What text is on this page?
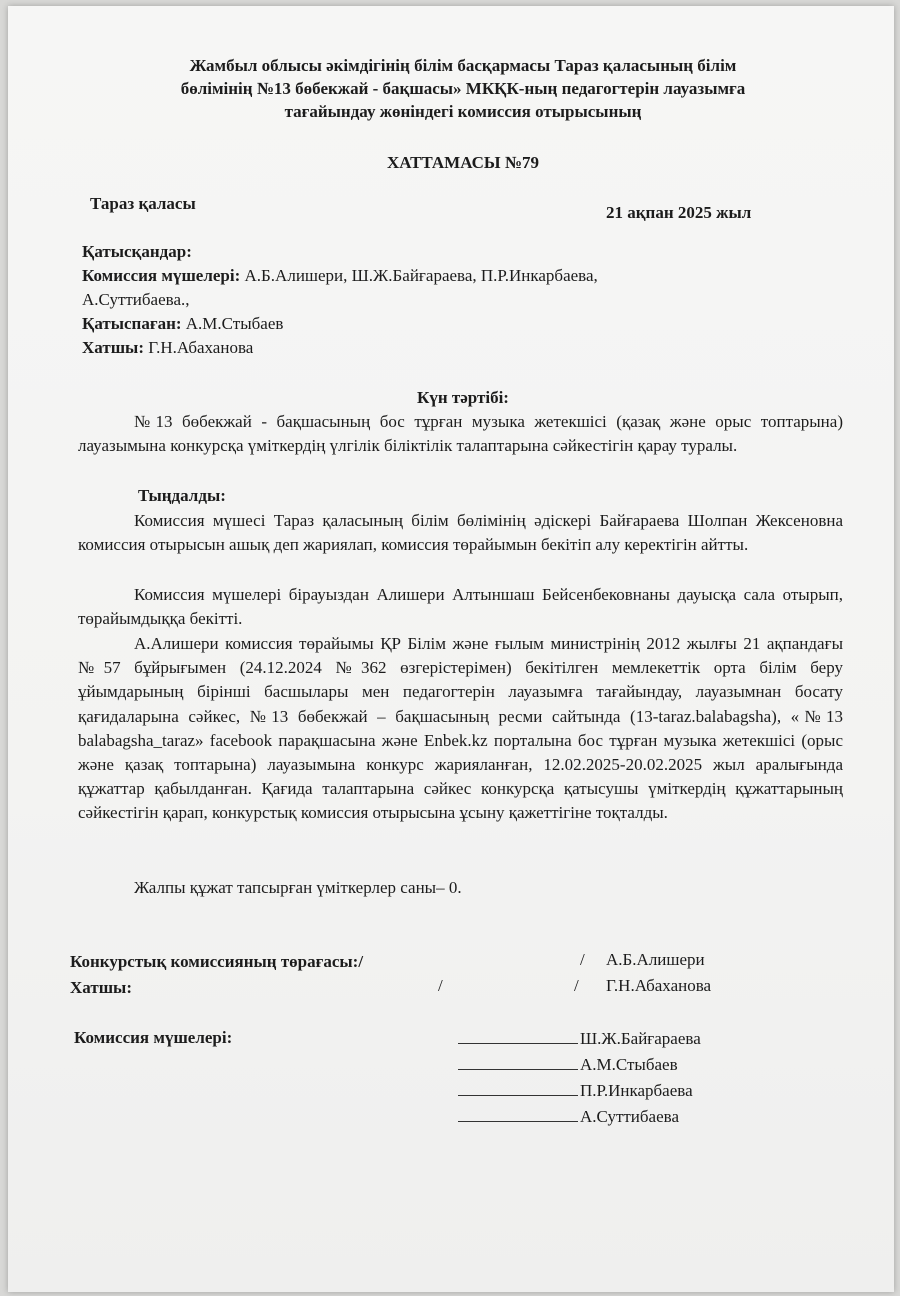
Жамбыл облысы әкімдігінің білім басқармасы Тараз қаласының білім
бөлімінің №13 бөбекжай - бақшасы» МКҚК-ның педагогтерін лауазымға
тағайындау жөніндегі комиссия отырысының
ХАТТАМАСЫ №79
Тараз қаласы	21 ақпан 2025 жыл
Қатысқандар:
Комиссия мүшелері: А.Б.Алишери, Ш.Ж.Байғараева, П.Р.Инкарбаева,
А.Суттибаева.,
Қатыспаған: А.М.Стыбаев
Хатшы: Г.Н.Абаханова
Күн тәртібі:
№13 бөбекжай - бақшасының бос тұрған музыка жетекшісі (қазақ және орыс топтарына) лауазымына конкурсқа үміткердің үлгілік біліктілік талаптарына сәйкестігін қарау туралы.
Тыңдалды:
Комиссия мүшесі Тараз қаласының білім бөлімінің әдіскері Байғараева Шолпан Жексеновна комиссия отырысын ашық деп жариялап, комиссия төрайымын бекітіп алу керектігін айтты.
Комиссия мүшелері бірауыздан Алишери Алтыншаш Бейсенбековнаны дауысқа сала отырып, төрайымдыққа бекітті.
А.Алишери комиссия төрайымы ҚР Білім және ғылым министрінің 2012 жылғы 21 ақпандағы №57 бұйрығымен (24.12.2024 №362 өзгерістерімен) бекітілген мемлекеттік орта білім беру ұйымдарының бірінші басшылары мен педагогтерін лауазымға тағайындау, лауазымнан босату қағидаларына сәйкес, №13 бөбекжай – бақшасының ресми сайтында (13-taraz.balabagsha), «№13 balabagsha_taraz» facebook парақшасына және Enbek.kz порталына бос тұрған музыка жетекшісі (орыс және қазақ топтарына) лауазымына конкурс жарияланған, 12.02.2025-20.02.2025 жыл аралығында құжаттар қабылданған. Қағида талаптарына сәйкес конкурсқа қатысушы үміткердің құжаттарының сәйкестігін қарап, конкурстық комиссия отырысына ұсыну қажеттігіне тоқталды.
Жалпы құжат тапсырған үміткерлер саны– 0.
Конкурстық комиссияның төрағасы:/	/ А.Б.Алишери
Хатшы:	/	/ Г.Н.Абаханова
Комиссия мүшелері:	Ш.Ж.Байғараева
А.М.Стыбаев
П.Р.Инкарбаева
А.Суттибаева
